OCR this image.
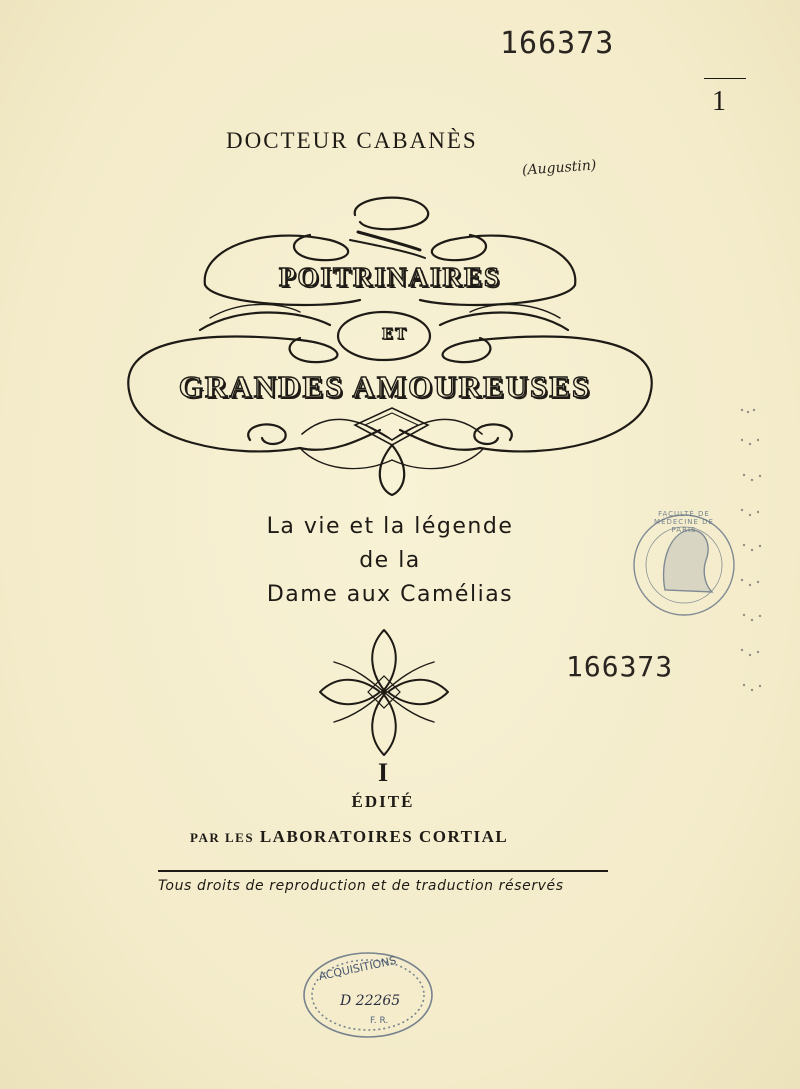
166373
1
DOCTEUR CABANÈS
(Augustin)
POITRINAIRES
ET
GRANDES AMOUREUSES
La vie et la légende
de la
Dame aux Camélias
166373
I
ÉDITÉ
PAR LES LABORATOIRES CORTIAL
Tous droits de reproduction et de traduction réservés
FACULTÉ DE MÉDECINE DE PARIS
ACQUISITIONS
D 22265
F. R.
